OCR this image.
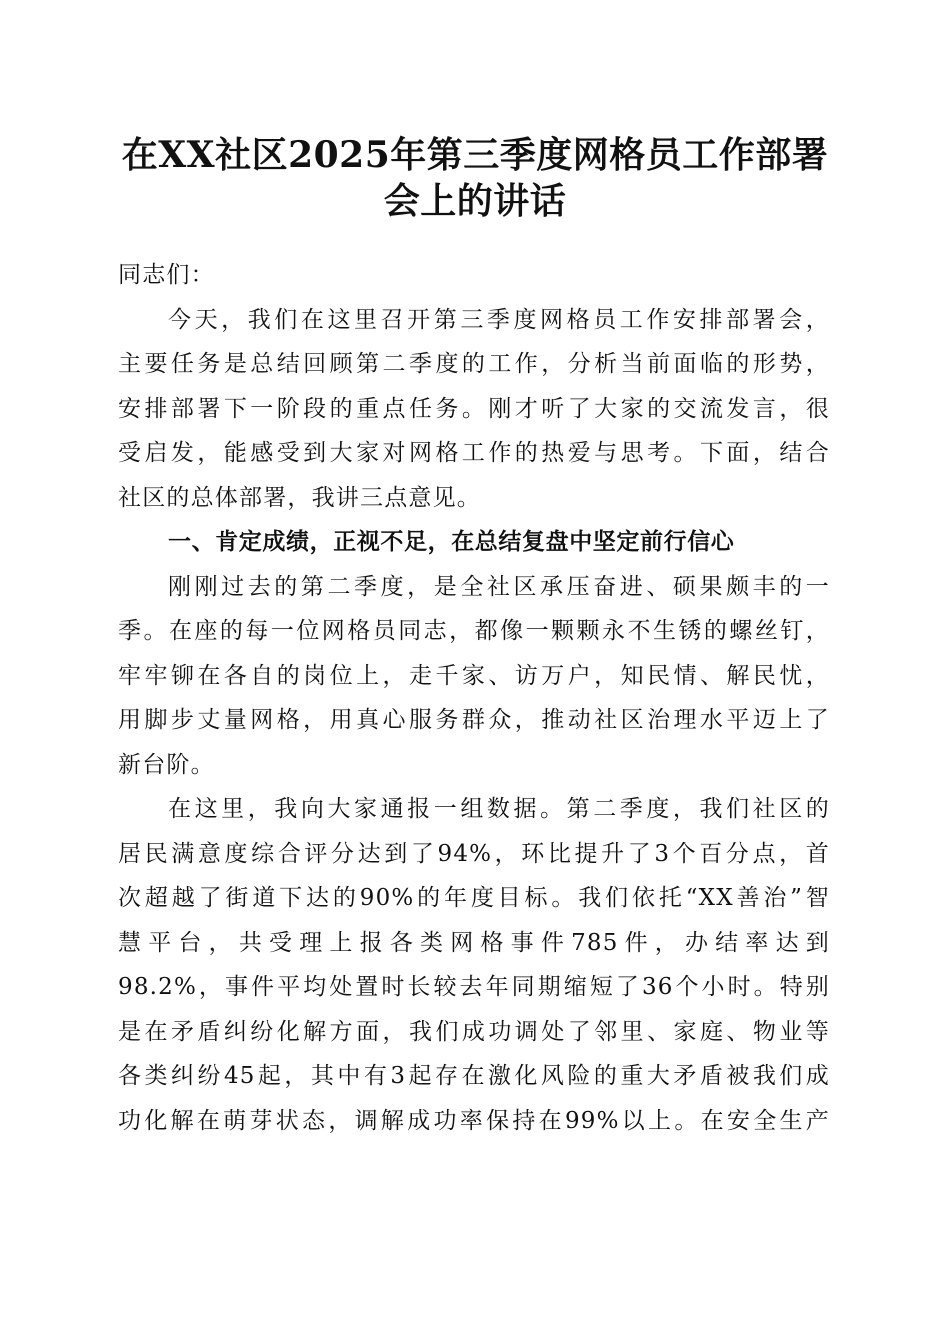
在XX社区2025年第三季度网格员工作部署
会上的讲话
同志们：
今天，我们在这里召开第三季度网格员工作安排部署会，
主要任务是总结回顾第二季度的工作，分析当前面临的形势，
安排部署下一阶段的重点任务。刚才听了大家的交流发言，很
受启发，能感受到大家对网格工作的热爱与思考。下面，结合
社区的总体部署，我讲三点意见。
一、肯定成绩，正视不足，在总结复盘中坚定前行信心
刚刚过去的第二季度，是全社区承压奋进、硕果颇丰的一
季。在座的每一位网格员同志，都像一颗颗永不生锈的螺丝钉，
牢牢铆在各自的岗位上，走千家、访万户，知民情、解民忧，
用脚步丈量网格，用真心服务群众，推动社区治理水平迈上了
新台阶。
在这里，我向大家通报一组数据。第二季度，我们社区的
居民满意度综合评分达到了94%，环比提升了3个百分点，首
次超越了街道下达的90%的年度目标。我们依托“XX善治”智
慧平台，共受理上报各类网格事件785件，办结率达到
98.2%，事件平均处置时长较去年同期缩短了36个小时。特别
是在矛盾纠纷化解方面，我们成功调处了邻里、家庭、物业等
各类纠纷45起，其中有3起存在激化风险的重大矛盾被我们成
功化解在萌芽状态，调解成功率保持在99%以上。在安全生产
